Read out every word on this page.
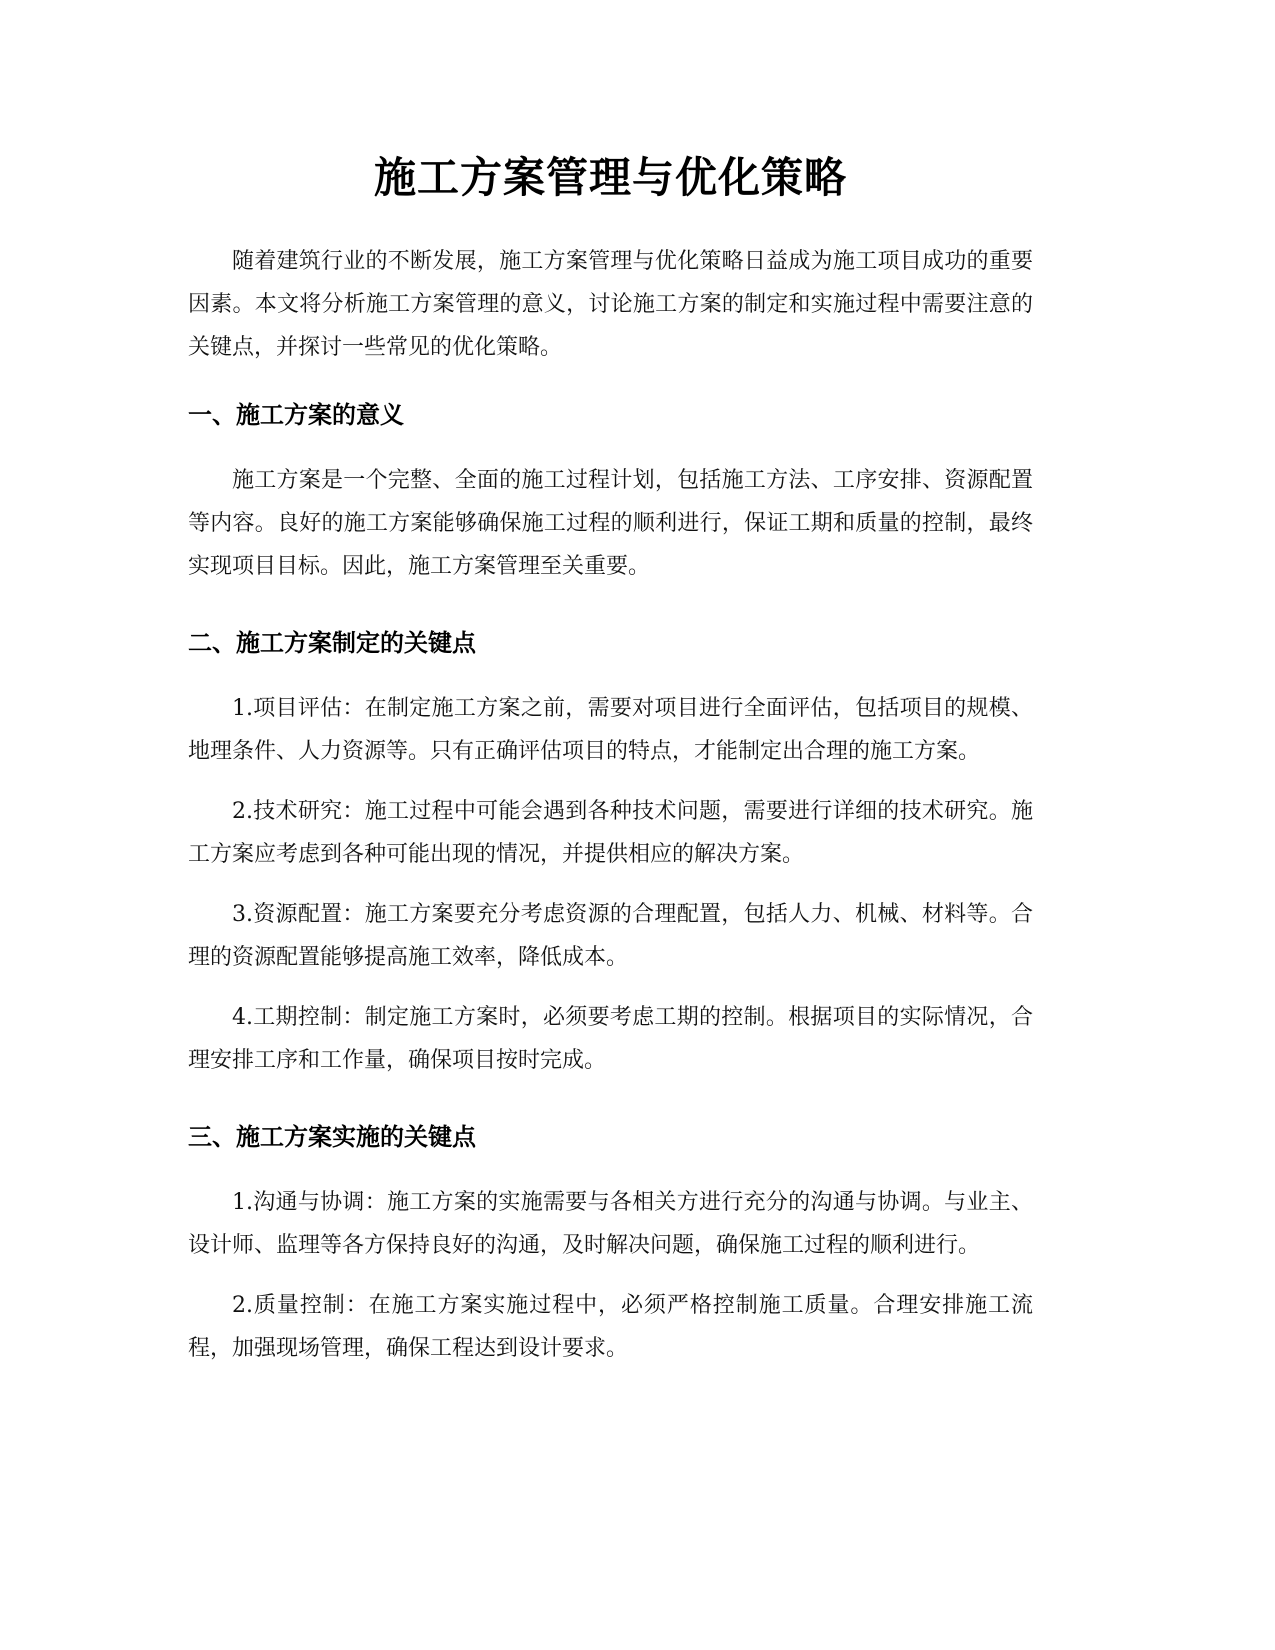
施工方案管理与优化策略

随着建筑行业的不断发展，施工方案管理与优化策略日益成为施工项目成功的重要因素。本文将分析施工方案管理的意义，讨论施工方案的制定和实施过程中需要注意的关键点，并探讨一些常见的优化策略。

一、施工方案的意义

施工方案是一个完整、全面的施工过程计划，包括施工方法、工序安排、资源配置等内容。良好的施工方案能够确保施工过程的顺利进行，保证工期和质量的控制，最终实现项目目标。因此，施工方案管理至关重要。

二、施工方案制定的关键点

1.项目评估：在制定施工方案之前，需要对项目进行全面评估，包括项目的规模、地理条件、人力资源等。只有正确评估项目的特点，才能制定出合理的施工方案。

2.技术研究：施工过程中可能会遇到各种技术问题，需要进行详细的技术研究。施工方案应考虑到各种可能出现的情况，并提供相应的解决方案。

3.资源配置：施工方案要充分考虑资源的合理配置，包括人力、机械、材料等。合理的资源配置能够提高施工效率，降低成本。

4.工期控制：制定施工方案时，必须要考虑工期的控制。根据项目的实际情况，合理安排工序和工作量，确保项目按时完成。

三、施工方案实施的关键点

1.沟通与协调：施工方案的实施需要与各相关方进行充分的沟通与协调。与业主、设计师、监理等各方保持良好的沟通，及时解决问题，确保施工过程的顺利进行。

2.质量控制：在施工方案实施过程中，必须严格控制施工质量。合理安排施工流程，加强现场管理，确保工程达到设计要求。
